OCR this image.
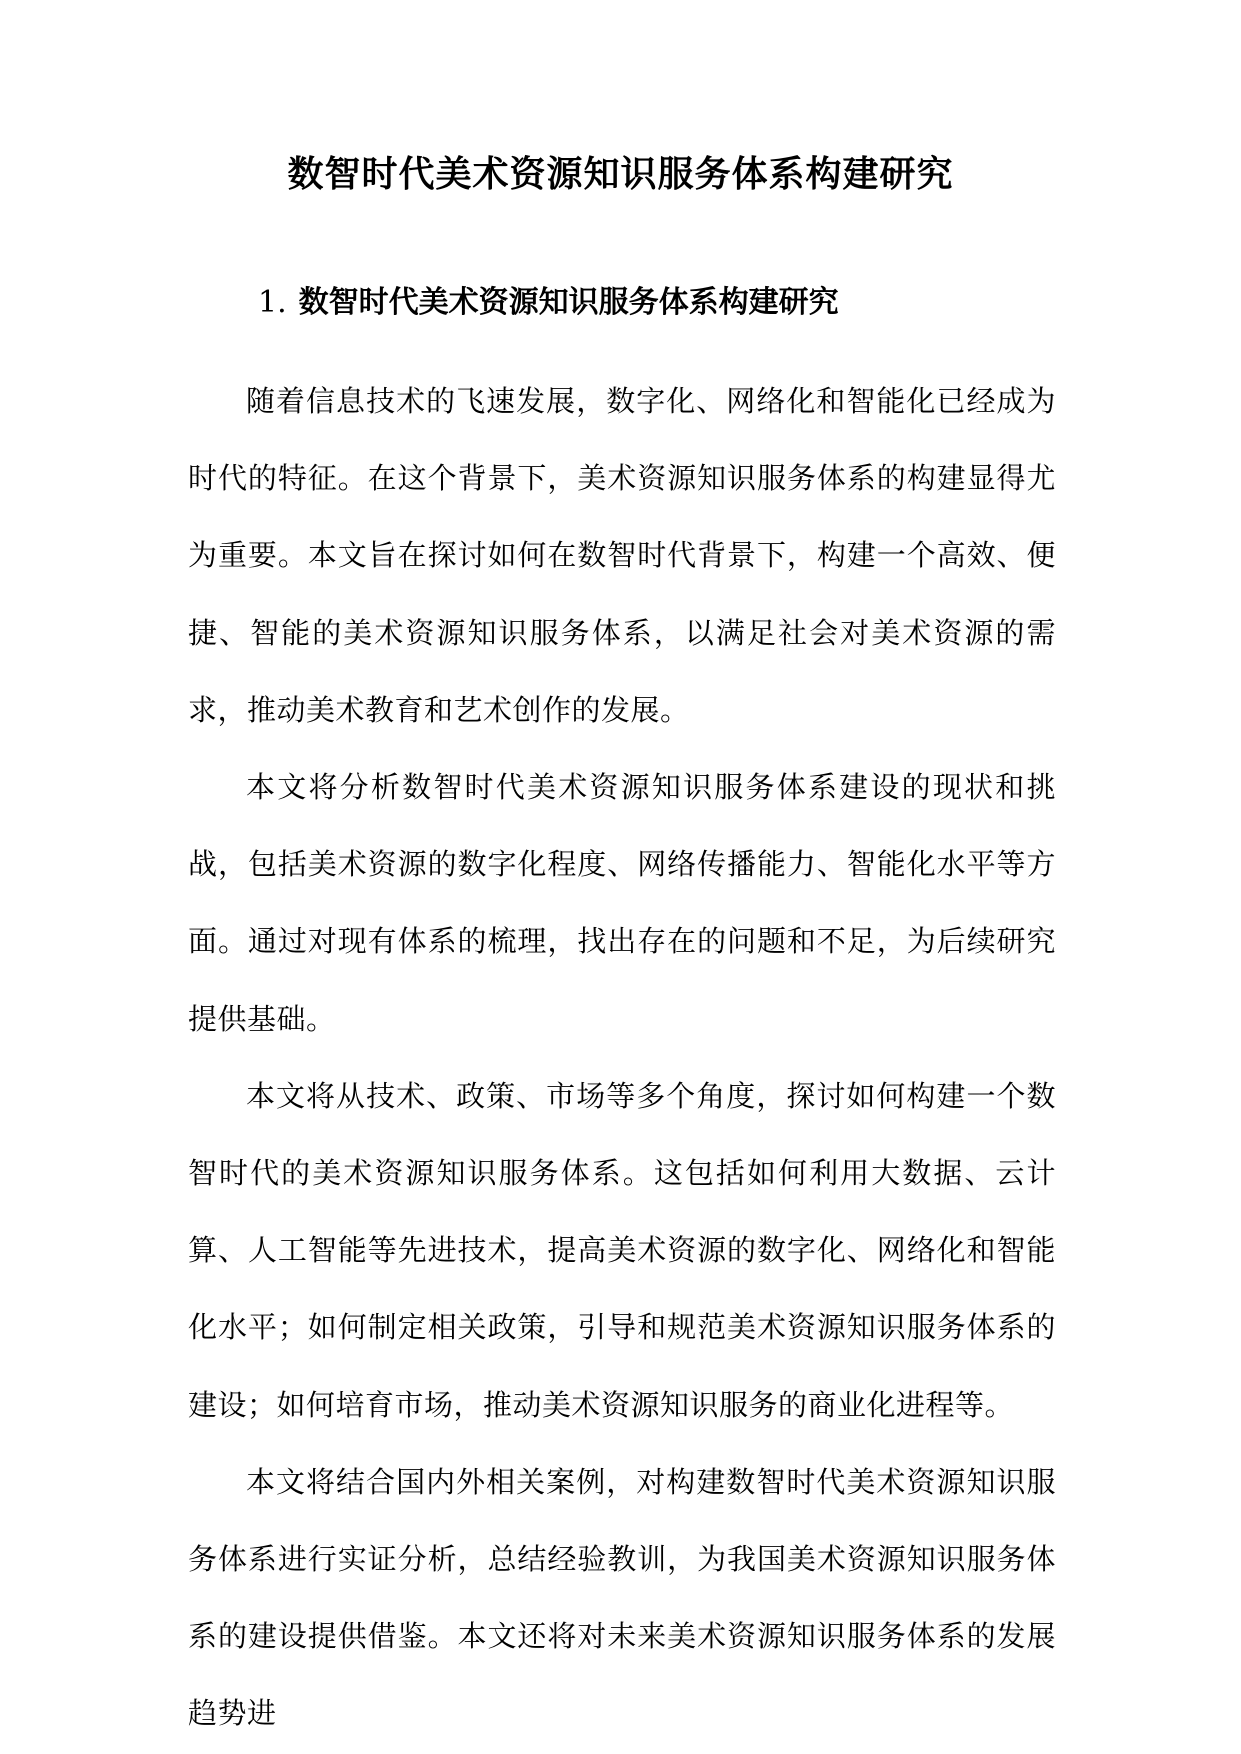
数智时代美术资源知识服务体系构建研究
1. 数智时代美术资源知识服务体系构建研究

随着信息技术的飞速发展，数字化、网络化和智能化已经成为时代的特征。在这个背景下，美术资源知识服务体系的构建显得尤为重要。本文旨在探讨如何在数智时代背景下，构建一个高效、便捷、智能的美术资源知识服务体系，以满足社会对美术资源的需求，推动美术教育和艺术创作的发展。

本文将分析数智时代美术资源知识服务体系建设的现状和挑战，包括美术资源的数字化程度、网络传播能力、智能化水平等方面。通过对现有体系的梳理，找出存在的问题和不足，为后续研究提供基础。

本文将从技术、政策、市场等多个角度，探讨如何构建一个数智时代的美术资源知识服务体系。这包括如何利用大数据、云计算、人工智能等先进技术，提高美术资源的数字化、网络化和智能化水平；如何制定相关政策，引导和规范美术资源知识服务体系的建设；如何培育市场，推动美术资源知识服务的商业化进程等。

本文将结合国内外相关案例，对构建数智时代美术资源知识服务体系进行实证分析，总结经验教训，为我国美术资源知识服务体系的建设提供借鉴。本文还将对未来美术资源知识服务体系的发展趋势进
